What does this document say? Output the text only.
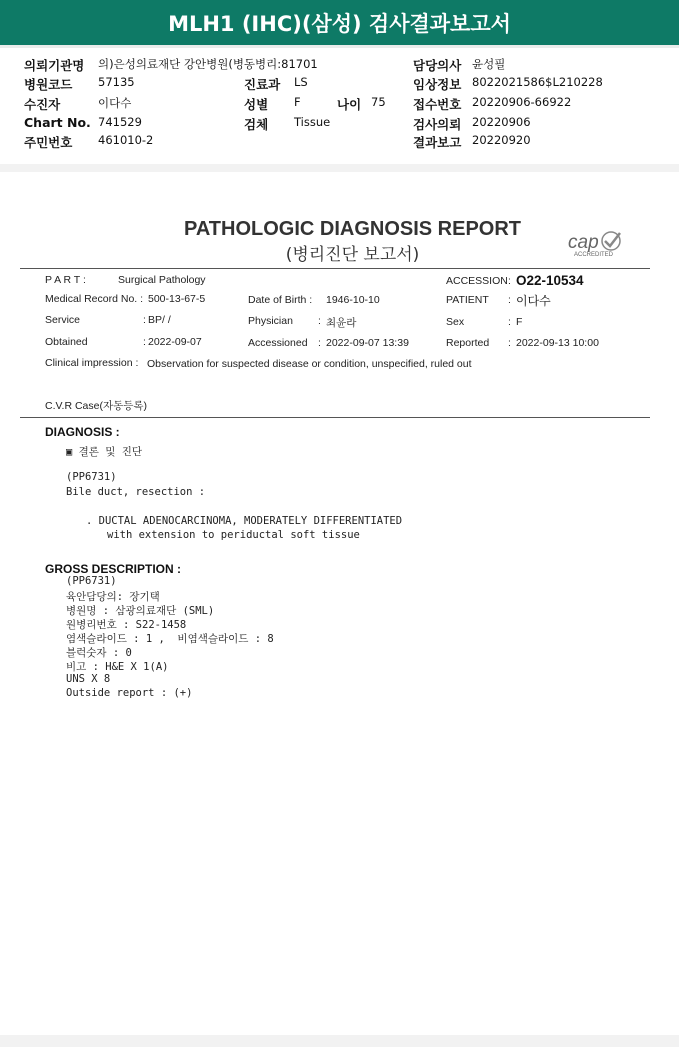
MLH1 (IHC)(삼성) 검사결과보고서
의뢰기관명 의)은성의료재단 강안병원(병동병리:81701	담당의사 윤성필
병원코드 57135	진료과 LS	임상정보 8022021586$L210228
수진자	이다수	성별 F	나이 75 접수번호 20220906-66922
Chart No. 741529	검체 Tissue	검사의뢰 20220906
주민번호 461010-2	결과보고 20220920
PATHOLOGIC DIAGNOSIS REPORT
(병리진단 보고서)
cap
ACCREDITED
P A R T :	Surgical Pathology	ACCESSION : O22-10534
Medical Record No. : 500-13-67-5	Date of Birth : 1946-10-10	PATIENT : 이다수
Service	: BP/ /	Physician : 최윤라	Sex	: F
Obtained	: 2022-09-07	Accessioned : 2022-09-07 13:39	Reported : 2022-09-13 10:00
Clinical impression : Observation for suspected disease or condition, unspecified, ruled out
C.V.R Case(자동등록)
DIAGNOSIS :
▣ 결론 및 진단
(PP6731)
Bile duct, resection :
. DUCTAL ADENOCARCINOMA, MODERATELY DIFFERENTIATED
with extension to periductal soft tissue
GROSS DESCRIPTION :
(PP6731)
육안담당의: 장기택
병원명 : 삼광의료재단 (SML)
원병리번호 : S22-1458
염색슬라이드 : 1 ,  비염색슬라이드 : 8
블럭숫자 : 0
비고 : H&E X 1(A)
UNS X 8
Outside report : (+)
